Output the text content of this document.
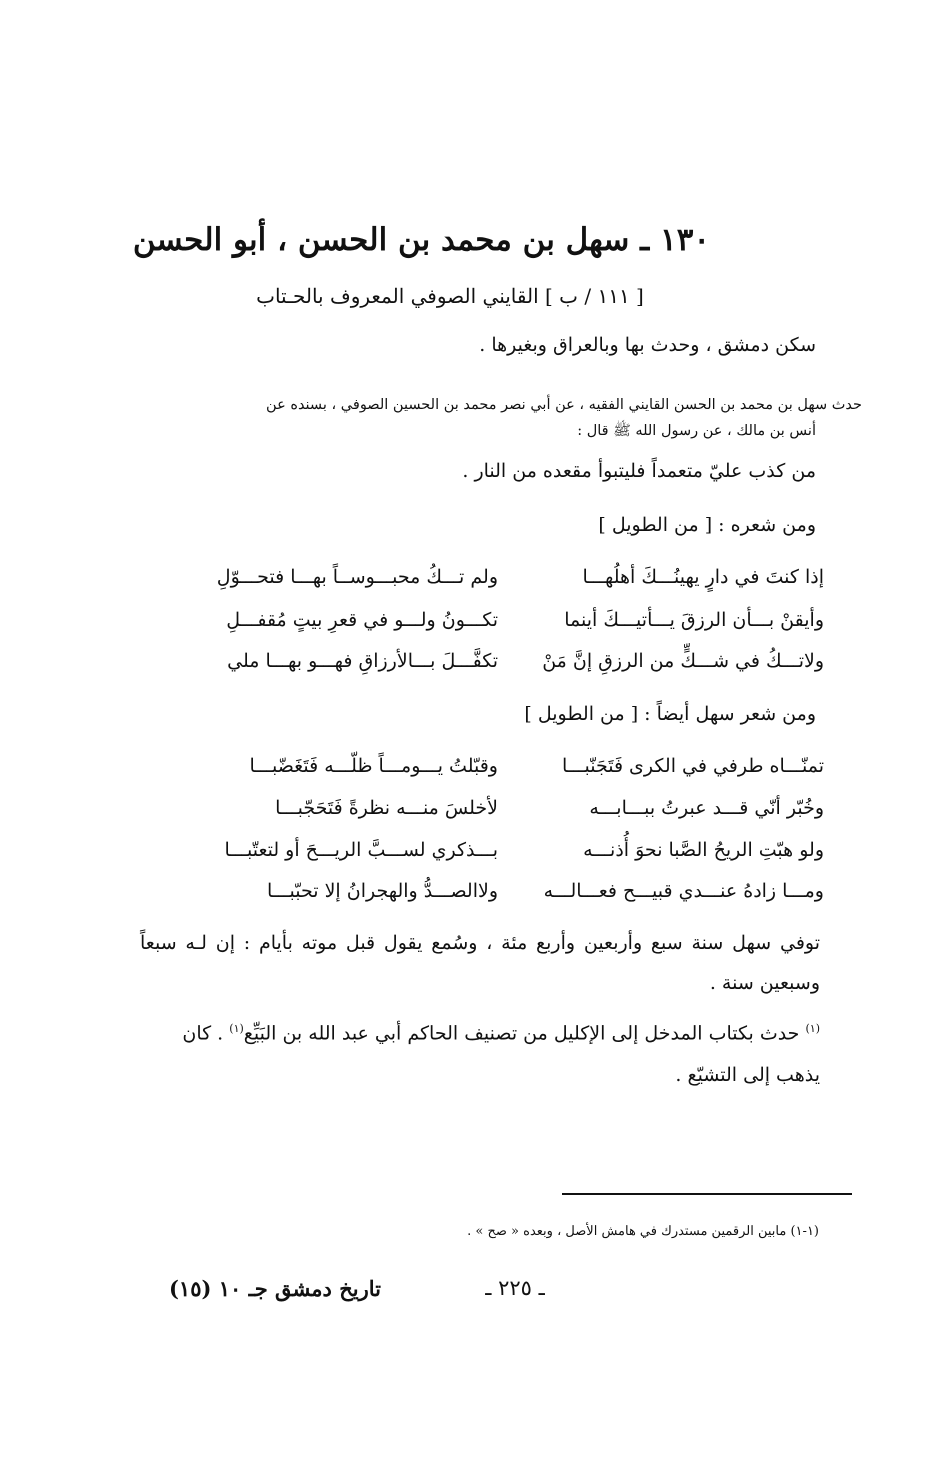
١٣٠ ـ سهل بن محمد بن الحسن ، أبو الحسن
[ ١١١ / ب ] القايني الصوفي المعروف بالحـتاب
سكن دمشق ، وحدث بها وبالعراق وبغيرها .
حدث سهل بن محمد بن الحسن القايني الفقيه ، عن أبي نصر محمد بن الحسين الصوفي ، بسنده عن
أنس بن مالك ، عن رسول الله ﷺ قال :
من كذب عليّ متعمداً فليتبوأ مقعده من النار .
ومن شعره : [ من الطويل ]
إذا كنتَ في دارٍ يهينُـــكَ أهلُهـــا
ولم تـــكُ محبـــوســاً بهـــا فتحـــوّلِ
وأيقنْ بـــأن الرزقَ يـــأتيـــكَ أينما
تكـــونُ ولـــو في قعرِ بيتٍ مُقفـــلِ
ولاتـــكُ في شـــكٍّ من الرزقِ إنَّ مَنْ
تكفَّـــلَ بـــالأرزاقِ فهـــو بهـــا ملي
ومن شعر سهل أيضاً : [ من الطويل ]
تمنّـــاه طرفي في الكرى فَتَجَنّبـــا
وقبّلتُ يـــومـــاً ظلّـــه فَتَغَضّبـــا
وخُبّر أنّي قـــد عبرتُ ببـــابـــه
لأخلسَ منـــه نظرةً فَتَحَجّبـــا
ولو هبّتِ الريحُ الصَّبا نحوَ أُذنـــه
بـــذكري لســـبَّ الريـــحَ أو لتعتّبـــا
ومـــا زادهُ عنـــدي قبيـــح فعـــالـــه
ولاالصـــدُّ والهجرانُ إلا تحبّبـــا
توفي سهل سنة سبع وأربعين وأربع مئة ، وسُمع يقول قبل موته بأيام : إن لـه سبعاً
وسبعين سنة .
$^{(١)}$ حدث بكتاب المدخل إلى الإكليل من تصنيف الحاكم أبي عبد الله بن البَيِّع$^{(١)}$ . كان
يذهب إلى التشيّع .
(١-١) مابين الرقمين مستدرك في هامش الأصل ، وبعده « صح » .
ـ ٢٢٥ ـ
تاريخ دمشق جـ ١٠ (١٥)
